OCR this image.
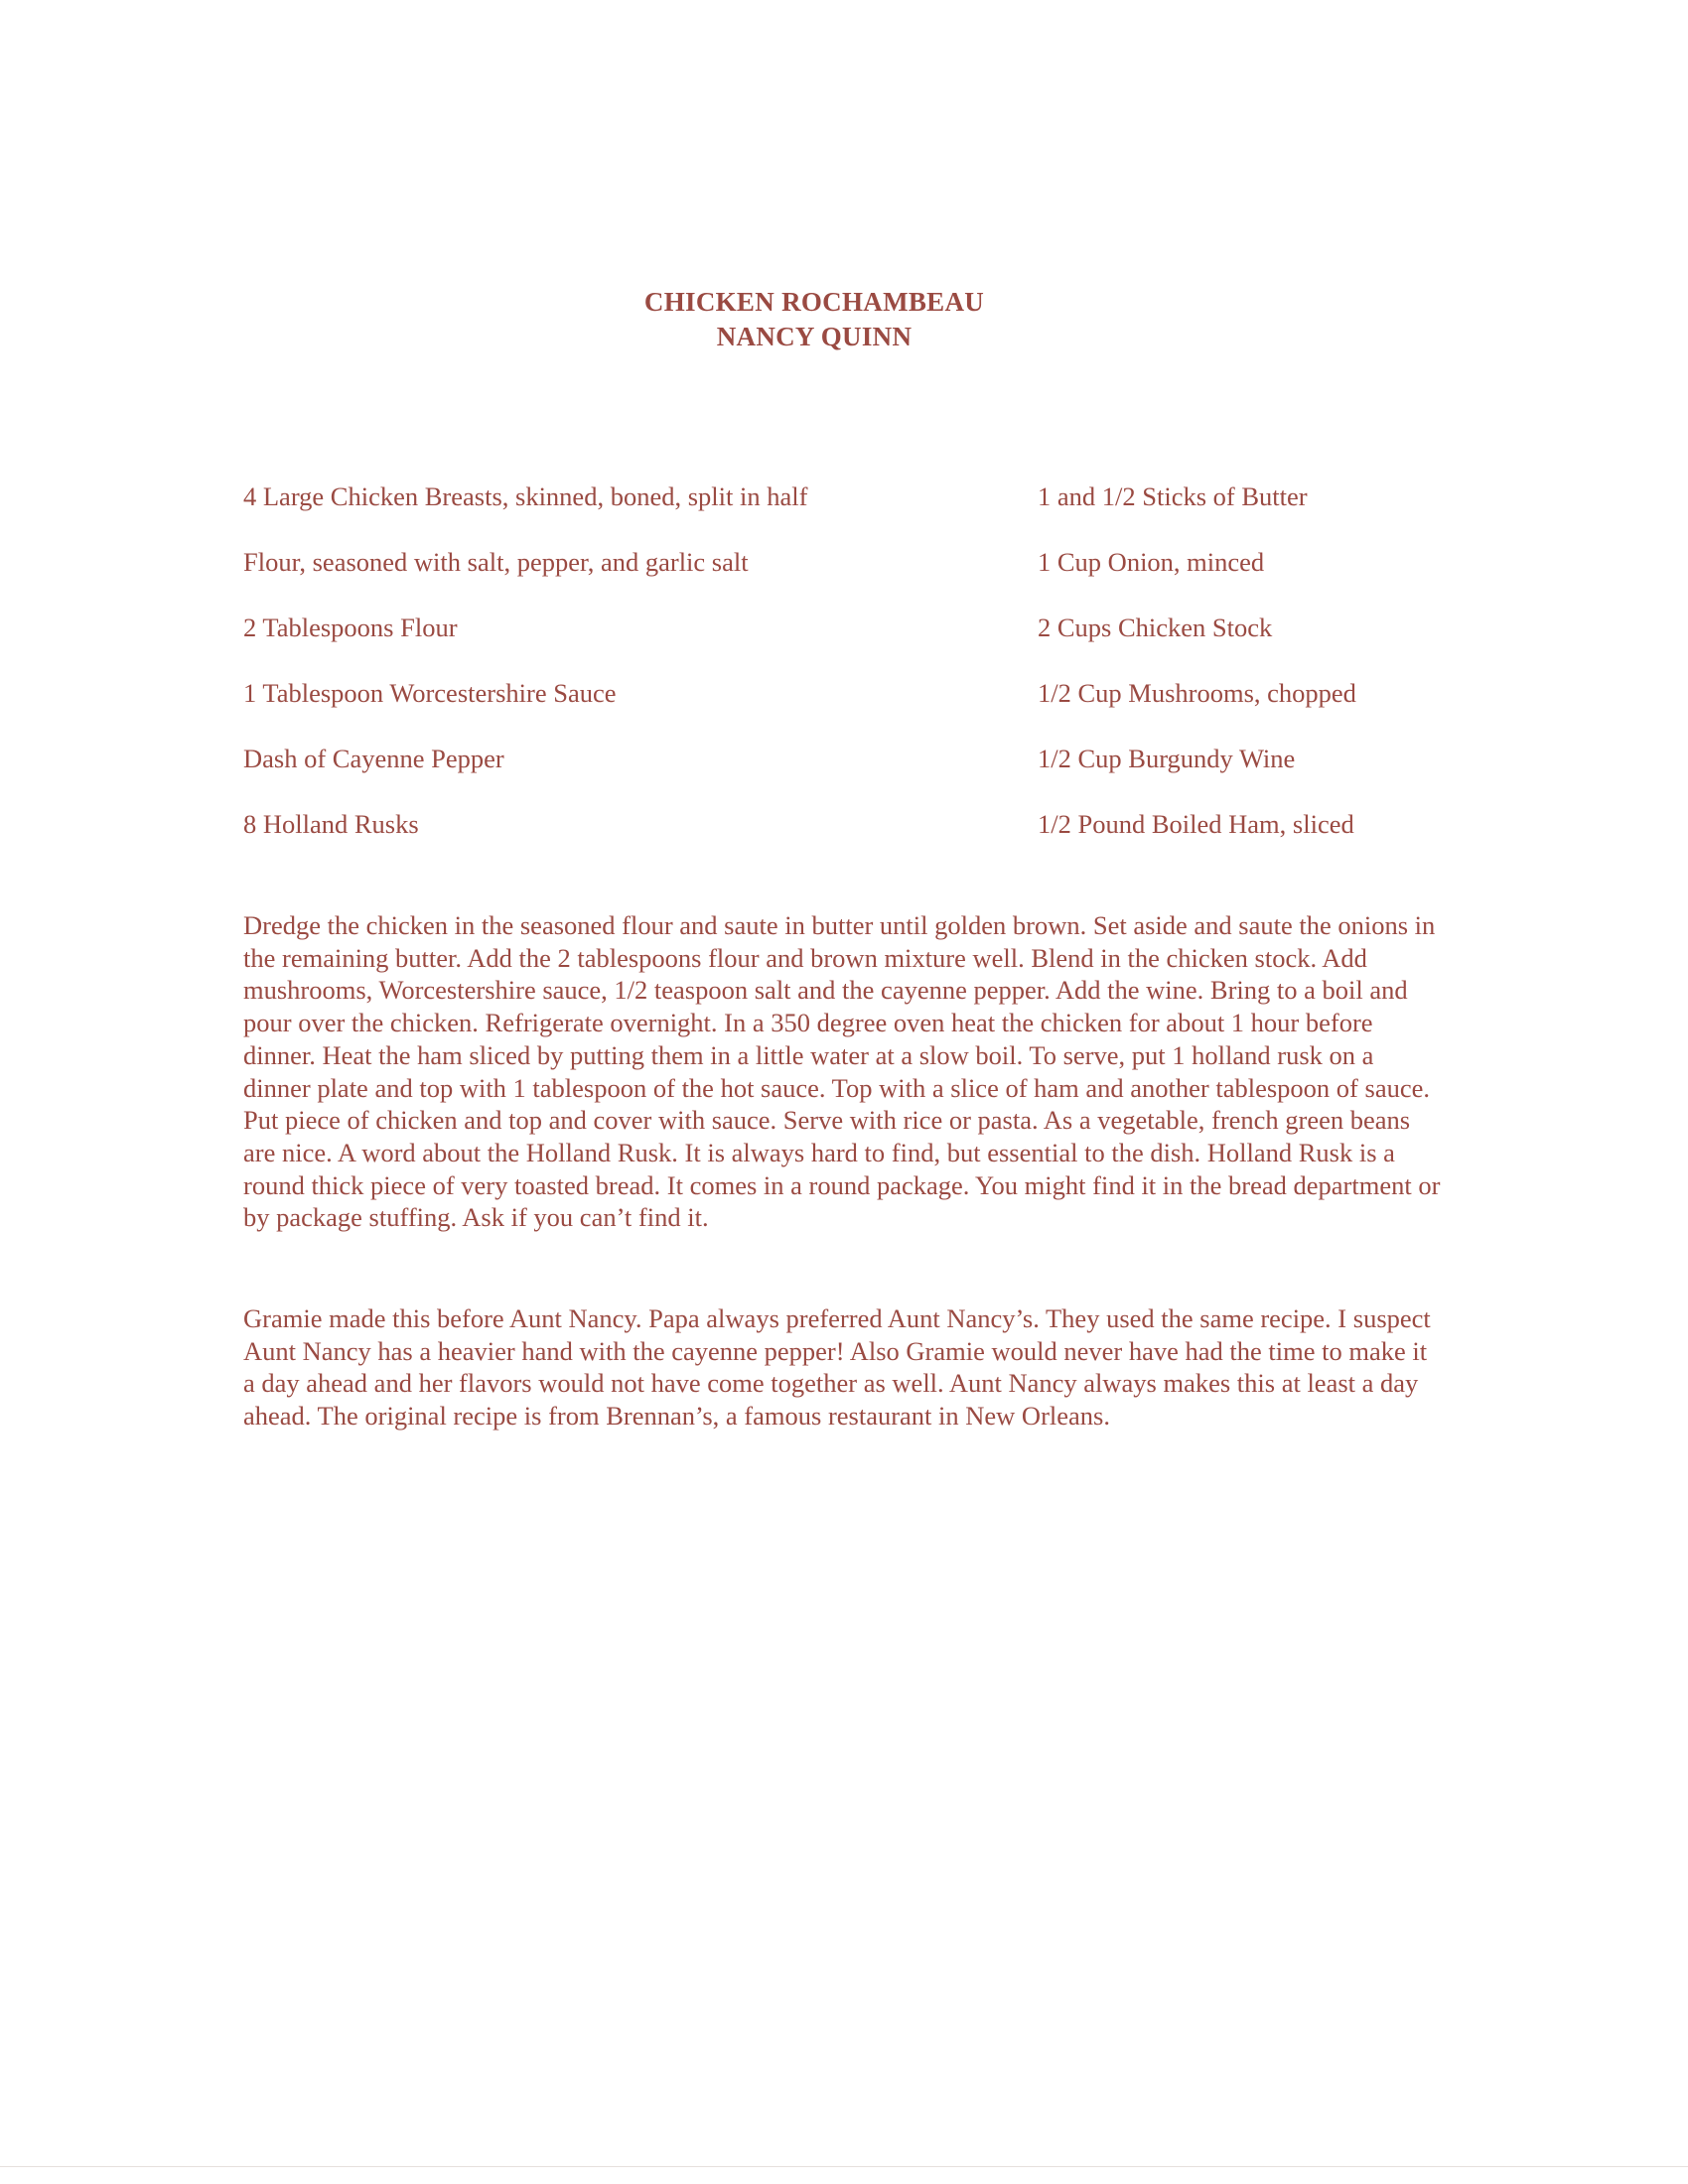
CHICKEN ROCHAMBEAU
NANCY QUINN
4 Large Chicken Breasts, skinned, boned, split in half
Flour, seasoned with salt, pepper, and garlic salt
2 Tablespoons Flour
1 Tablespoon Worcestershire Sauce
Dash of Cayenne Pepper
8 Holland Rusks
1 and 1/2 Sticks of Butter
1 Cup Onion, minced
2 Cups Chicken Stock
1/2 Cup Mushrooms, chopped
1/2 Cup Burgundy Wine
1/2 Pound Boiled Ham, sliced
Dredge the chicken in the seasoned flour and saute in butter until golden brown. Set aside and saute the onions in the remaining butter. Add the 2 tablespoons flour and brown mixture well. Blend in the chicken stock. Add mushrooms, Worcestershire sauce, 1/2 teaspoon salt and the cayenne pepper. Add the wine. Bring to a boil and pour over the chicken. Refrigerate overnight. In a 350 degree oven heat the chicken for about 1 hour before dinner. Heat the ham sliced by putting them in a little water at a slow boil. To serve, put 1 holland rusk on a dinner plate and top with 1 tablespoon of the hot sauce. Top with a slice of ham and another tablespoon of sauce. Put piece of chicken and top and cover with sauce. Serve with rice or pasta. As a vegetable, french green beans are nice. A word about the Holland Rusk. It is always hard to find, but essential to the dish. Holland Rusk is a round thick piece of very toasted bread. It comes in a round package. You might find it in the bread department or by package stuffing. Ask if you can’t find it.
Gramie made this before Aunt Nancy. Papa always preferred Aunt Nancy’s. They used the same recipe. I suspect Aunt Nancy has a heavier hand with the cayenne pepper! Also Gramie would never have had the time to make it a day ahead and her flavors would not have come together as well. Aunt Nancy always makes this at least a day ahead. The original recipe is from Brennan’s, a famous restaurant in New Orleans.
